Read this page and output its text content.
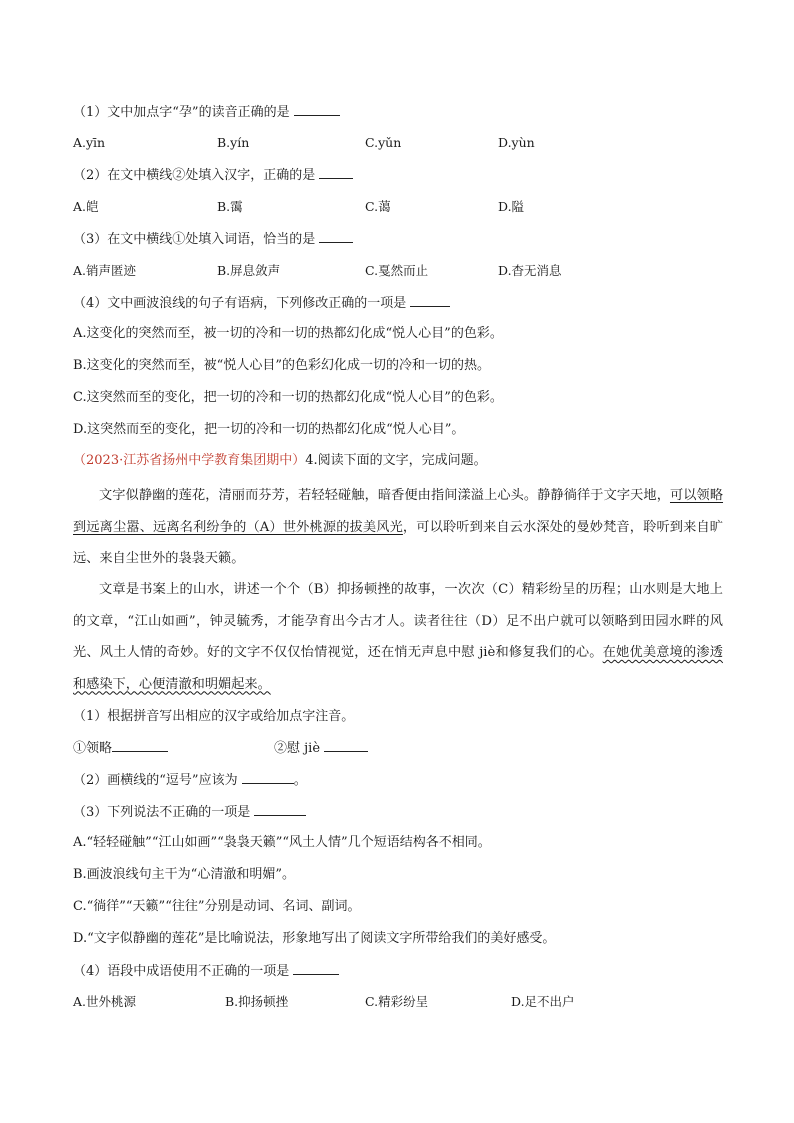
（1）文中加点字“孕”的读音正确的是
A.yīn	B.yín	C.yǔn	D.yùn
（2）在文中横线②处填入汉字，正确的是
A.皑	B.霭	C.蔼	D.隘
（3）在文中横线①处填入词语，恰当的是
A.销声匿迹	B.屏息敛声	C.戛然而止	D.杳无消息
（4）文中画波浪线的句子有语病，下列修改正确的一项是
A.这变化的突然而至，被一切的冷和一切的热都幻化成“悦人心目”的色彩。
B.这变化的突然而至，被“悦人心目”的色彩幻化成一切的冷和一切的热。
C.这突然而至的变化，把一切的冷和一切的热都幻化成“悦人心目”的色彩。
D.这突然而至的变化，把一切的冷和一切的热都幻化成“悦人心目”。
（2023·江苏省扬州中学教育集团期中）4.阅读下面的文字，完成问题。
文字似静幽的莲花，清丽而芬芳，若轻轻碰触，暗香便由指间漾溢上心头。静静徜徉于文字天地，可以领略到远离尘嚣、远离名利纷争的（A）世外桃源的拔美风光，可以聆听到来自云水深处的曼妙梵音，聆听到来自旷远、来自尘世外的袅袅天籁。
文章是书案上的山水，讲述一个个（B）抑扬顿挫的故事，一次次（C）精彩纷呈的历程；山水则是大地上的文章，“江山如画”，钟灵毓秀，才能孕育出今古才人。读者往往（D）足不出户就可以领略到田园水畔的风光、风土人情的奇妙。好的文字不仅仅怡情视觉，还在悄无声息中慰 jiè和修复我们的心。在她优美意境的渗透和感染下，心便清澈和明媚起来。
（1）根据拼音写出相应的汉字或给加点字注音。
①领略	②慰 jiè
（2）画横线的“逗号”应该为	。
（3）下列说法不正确的一项是
A.“轻轻碰触”“江山如画”“袅袅天籁”“风土人情”几个短语结构各不相同。
B.画波浪线句主干为“心清澈和明媚”。
C.“徜徉”“天籁”“往往”分别是动词、名词、副词。
D.“文字似静幽的莲花”是比喻说法，形象地写出了阅读文字所带给我们的美好感受。
（4）语段中成语使用不正确的一项是
A.世外桃源	B.抑扬顿挫	C.精彩纷呈	D.足不出户
